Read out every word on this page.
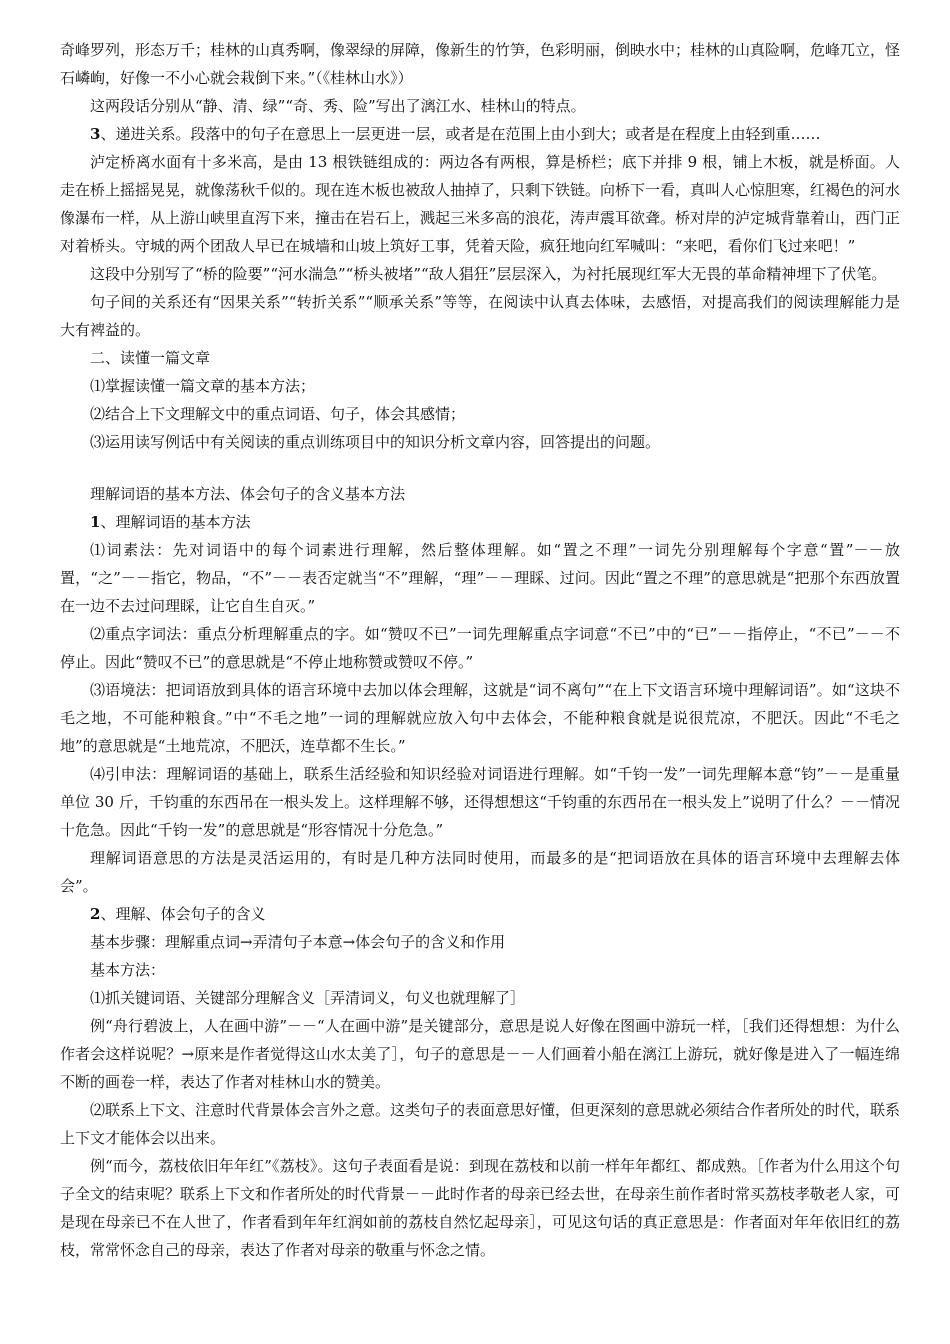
奇峰罗列，形态万千；桂林的山真秀啊，像翠绿的屏障，像新生的竹笋，色彩明丽，倒映水中；桂林的山真险啊，危峰兀立，怪石嶙峋，好像一不小心就会栽倒下来。”（《桂林山水》）

这两段话分别从“静、清、绿”“奇、秀、险”写出了漓江水、桂林山的特点。

3、递进关系。段落中的句子在意思上一层更进一层，或者是在范围上由小到大；或者是在程度上由轻到重……

泸定桥离水面有十多米高，是由 13 根铁链组成的：两边各有两根，算是桥栏；底下并排 9 根，铺上木板，就是桥面。人走在桥上摇摇晃晃，就像荡秋千似的。现在连木板也被敌人抽掉了，只剩下铁链。向桥下一看，真叫人心惊胆寒，红褐色的河水像瀑布一样，从上游山峡里直泻下来，撞击在岩石上，溅起三米多高的浪花，涛声震耳欲聋。桥对岸的泸定城背靠着山，西门正对着桥头。守城的两个团敌人早已在城墙和山坡上筑好工事，凭着天险，疯狂地向红军喊叫：“来吧，看你们飞过来吧！”

这段中分别写了“桥的险要”“河水湍急”“桥头被堵”“敌人猖狂”层层深入，为衬托展现红军大无畏的革命精神埋下了伏笔。

句子间的关系还有“因果关系”“转折关系”“顺承关系”等等，在阅读中认真去体味，去感悟，对提高我们的阅读理解能力是大有裨益的。

二、读懂一篇文章

⑴掌握读懂一篇文章的基本方法；

⑵结合上下文理解文中的重点词语、句子，体会其感情；

⑶运用读写例话中有关阅读的重点训练项目中的知识分析文章内容，回答提出的问题。

理解词语的基本方法、体会句子的含义基本方法

1、理解词语的基本方法

⑴词素法：先对词语中的每个词素进行理解，然后整体理解。如“置之不理”一词先分别理解每个字意“置”－－放置，“之”－－指它，物品，“不”－－表否定就当“不”理解，“理”－－理睬、过问。因此“置之不理”的意思就是“把那个东西放置在一边不去过问理睬，让它自生自灭。”

⑵重点字词法：重点分析理解重点的字。如“赞叹不已”一词先理解重点字词意“不已”中的“已”－－指停止，“不已”－－不停止。因此“赞叹不已”的意思就是“不停止地称赞或赞叹不停。”

⑶语境法：把词语放到具体的语言环境中去加以体会理解，这就是“词不离句”“在上下文语言环境中理解词语”。如“这块不毛之地，不可能种粮食。”中“不毛之地”一词的理解就应放入句中去体会，不能种粮食就是说很荒凉，不肥沃。因此“不毛之地”的意思就是“土地荒凉，不肥沃，连草都不生长。”

⑷引申法：理解词语的基础上，联系生活经验和知识经验对词语进行理解。如“千钧一发”一词先理解本意“钧”－－是重量单位 30 斤，千钧重的东西吊在一根头发上。这样理解不够，还得想想这“千钧重的东西吊在一根头发上”说明了什么？－－情况十危急。因此“千钧一发”的意思就是“形容情况十分危急。”

理解词语意思的方法是灵活运用的，有时是几种方法同时使用，而最多的是“把词语放在具体的语言环境中去理解去体会”。

2、理解、体会句子的含义

基本步骤：理解重点词→弄清句子本意→体会句子的含义和作用

基本方法：

⑴抓关键词语、关键部分理解含义［弄清词义，句义也就理解了］

例“舟行碧波上，人在画中游”－－“人在画中游”是关键部分，意思是说人好像在图画中游玩一样，［我们还得想想：为什么作者会这样说呢？→原来是作者觉得这山水太美了］，句子的意思是－－人们画着小船在漓江上游玩，就好像是进入了一幅连绵不断的画卷一样，表达了作者对桂林山水的赞美。

⑵联系上下文、注意时代背景体会言外之意。这类句子的表面意思好懂，但更深刻的意思就必须结合作者所处的时代，联系上下文才能体会以出来。

例“而今，荔枝依旧年年红”《荔枝》。这句子表面看是说：到现在荔枝和以前一样年年都红、都成熟。［作者为什么用这个句子全文的结束呢？联系上下文和作者所处的时代背景－－此时作者的母亲已经去世，在母亲生前作者时常买荔枝孝敬老人家，可是现在母亲已不在人世了，作者看到年年红润如前的荔枝自然忆起母亲］，可见这句话的真正意思是：作者面对年年依旧红的荔枝，常常怀念自己的母亲，表达了作者对母亲的敬重与怀念之情。
